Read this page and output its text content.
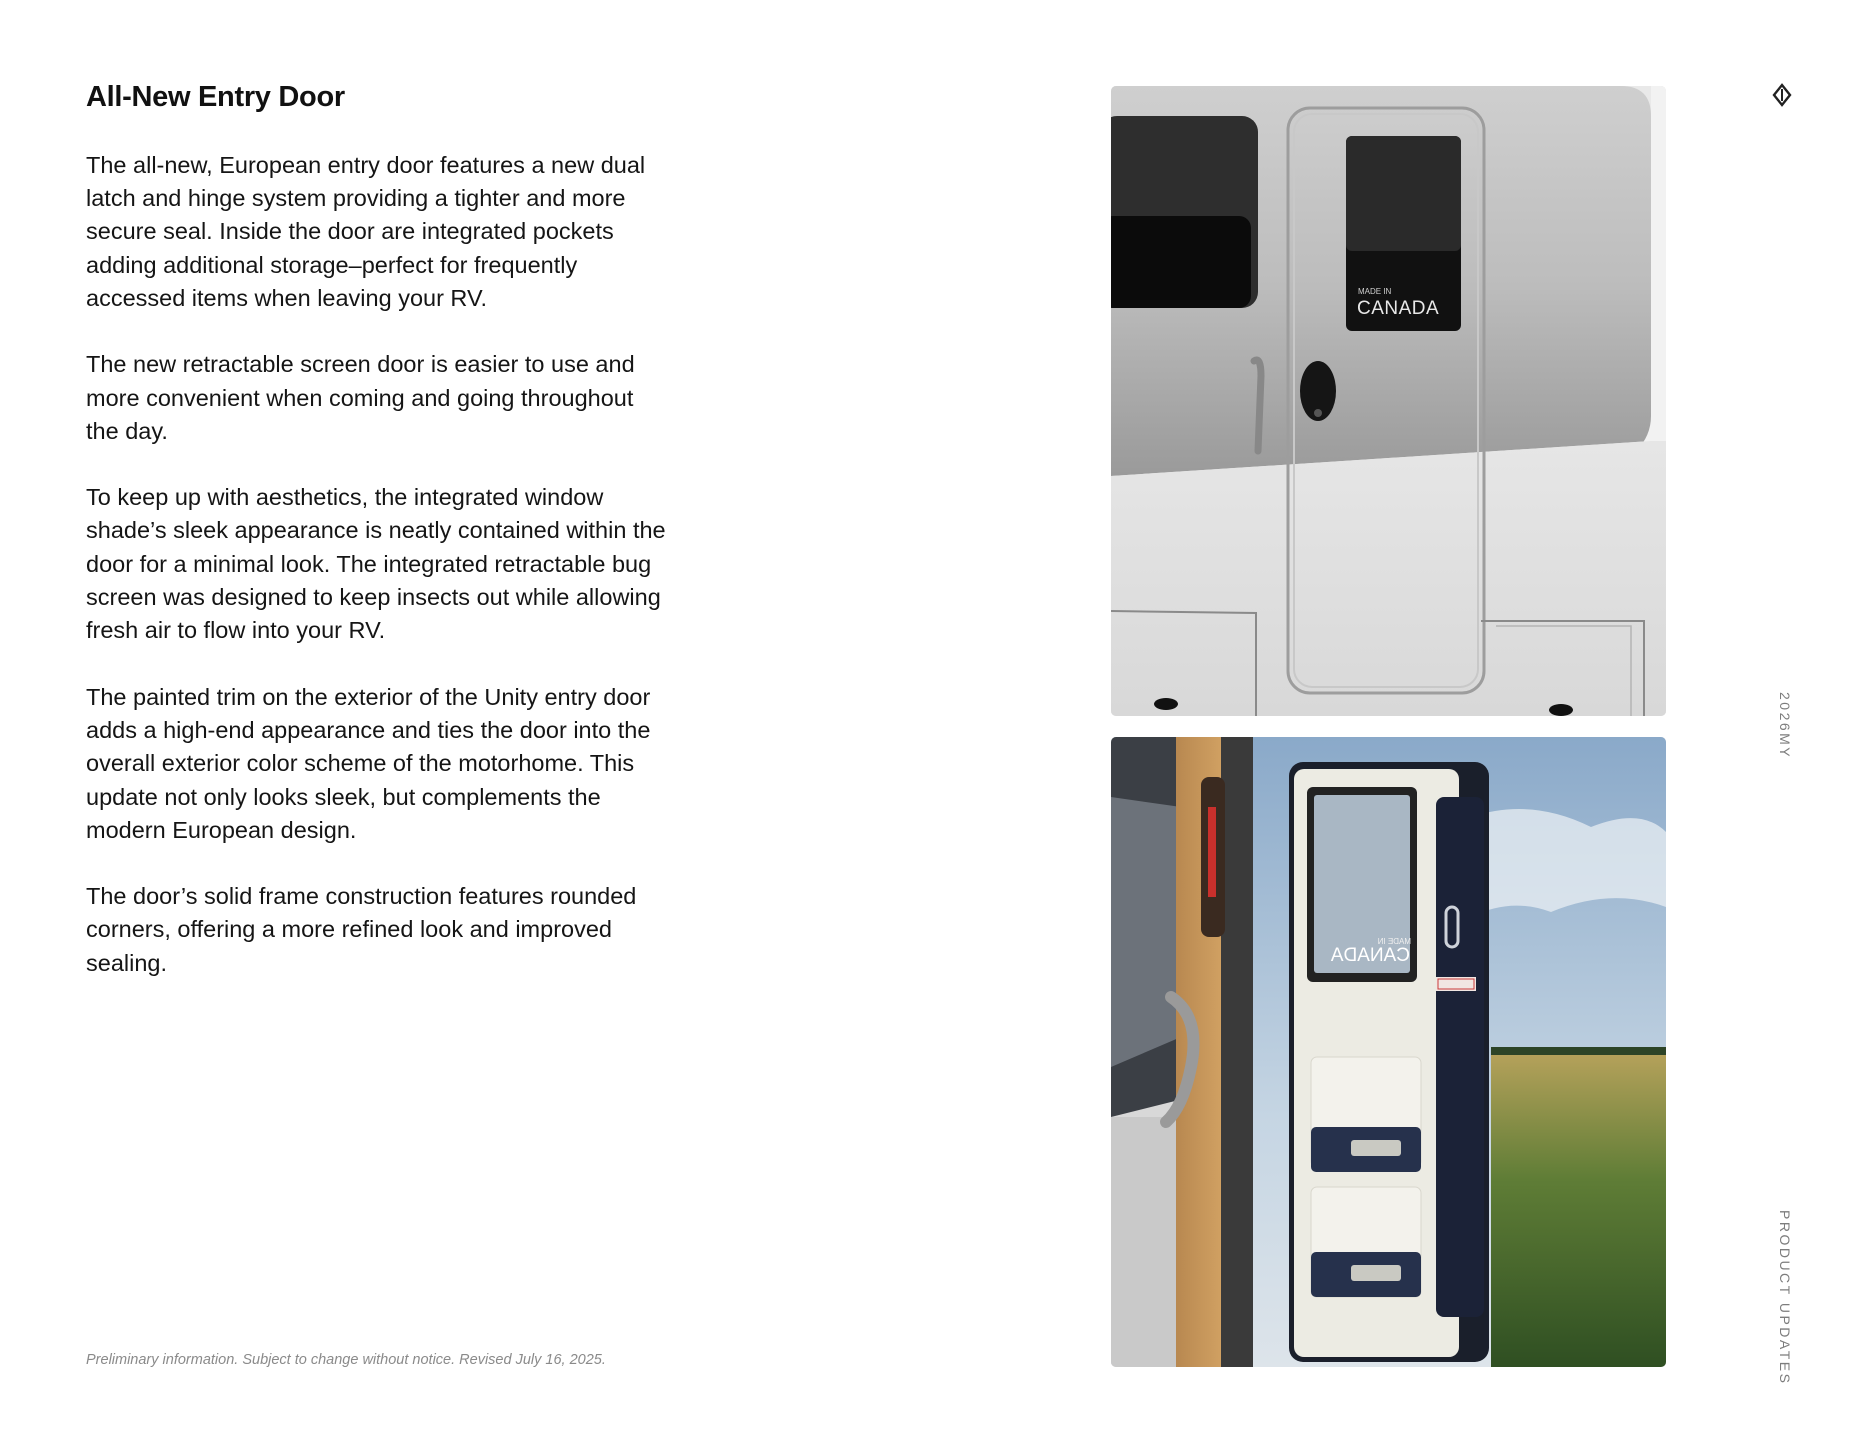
All-New Entry Door

The all-new, European entry door features a new dual latch and hinge system providing a tighter and more secure seal. Inside the door are integrated pockets adding additional storage–perfect for frequently accessed items when leaving your RV.

The new retractable screen door is easier to use and more convenient when coming and going throughout the day.

To keep up with aesthetics, the integrated window shade’s sleek appearance is neatly contained within the door for a minimal look. The integrated retractable bug screen was designed to keep insects out while allowing fresh air to flow into your RV.

The painted trim on the exterior of the Unity entry door adds a high-end appearance and ties the door into the overall exterior color scheme of the motorhome. This update not only looks sleek, but complements the modern European design.

The door’s solid frame construction features rounded corners, offering a more refined look and improved sealing.

Preliminary information. Subject to change without notice. Revised July 16, 2025.
MADE IN
CANADA
MADE IN
CANADA
2026MY
PRODUCT UPDATES
